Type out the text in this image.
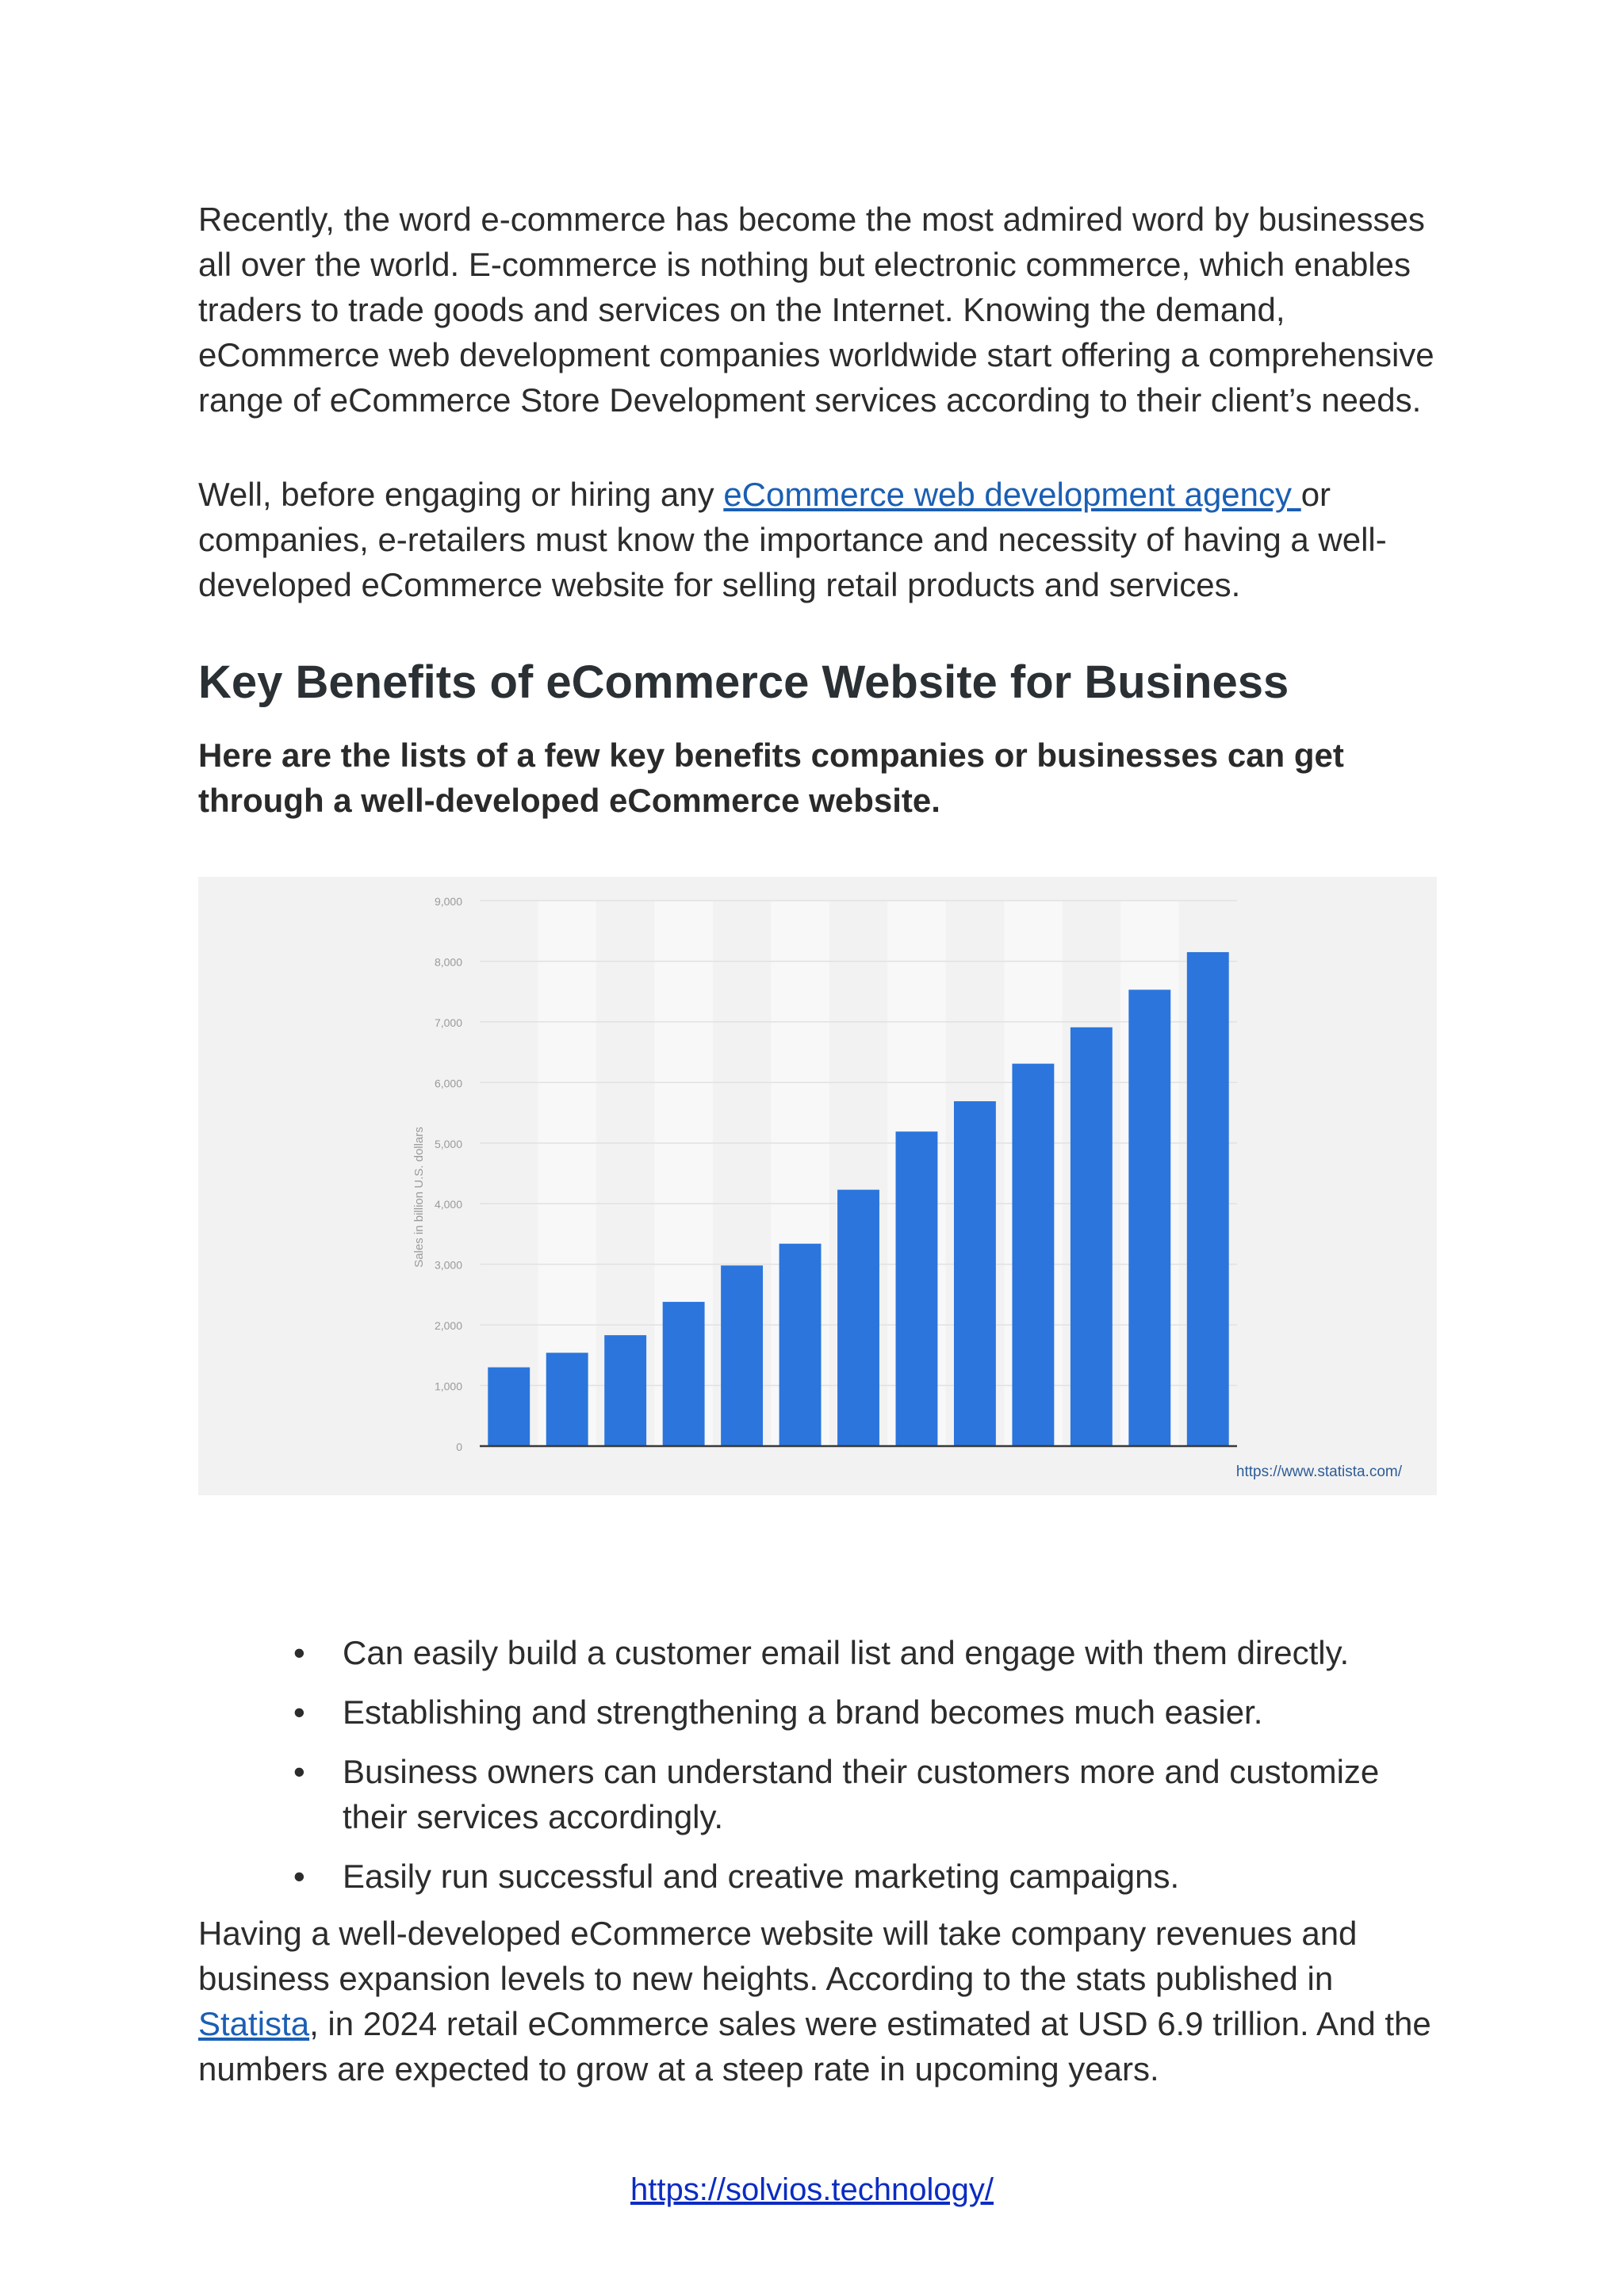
Recently, the word e-commerce has become the most admired word by businesses all over the world. E-commerce is nothing but electronic commerce, which enables traders to trade goods and services on the Internet. Knowing the demand, eCommerce web development companies worldwide start offering a comprehensive range of eCommerce Store Development services according to their client’s needs.

Well, before engaging or hiring any eCommerce web development agency or companies, e-retailers must know the importance and necessity of having a well-developed eCommerce website for selling retail products and services.

Key Benefits of eCommerce Website for Business

Here are the lists of a few key benefits companies or businesses can get through a well-developed eCommerce website.

0
1,000
2,000
3,000
4,000
5,000
6,000
7,000
8,000
9,000
Sales in billion U.S. dollars
https://www.statista.com/
• Can easily build a customer email list and engage with them directly.
• Establishing and strengthening a brand becomes much easier.
• Business owners can understand their customers more and customize their services accordingly.
• Easily run successful and creative marketing campaigns.

Having a well-developed eCommerce website will take company revenues and business expansion levels to new heights. According to the stats published in Statista, in 2024 retail eCommerce sales were estimated at USD 6.9 trillion. And the numbers are expected to grow at a steep rate in upcoming years.

https://solvios.technology/
